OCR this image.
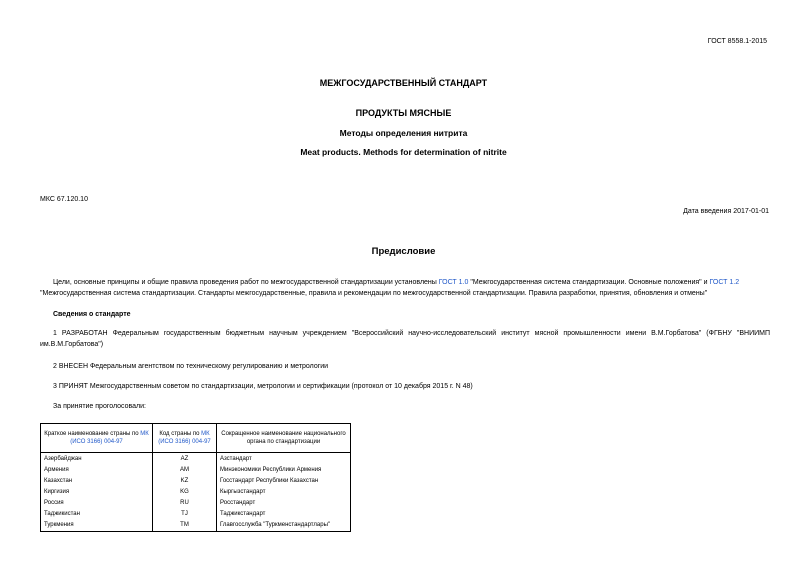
ГОСТ 8558.1-2015
МЕЖГОСУДАРСТВЕННЫЙ СТАНДАРТ
ПРОДУКТЫ МЯСНЫЕ
Методы определения нитрита
Meat products. Methods for determination of nitrite
МКС 67.120.10
Дата введения 2017-01-01
Предисловие
Цели, основные принципы и общие правила проведения работ по межгосударственной стандартизации установлены ГОСТ 1.0 "Межгосударственная система стандартизации. Основные положения" и ГОСТ 1.2 "Межгосударственная система стандартизации. Стандарты межгосударственные, правила и рекомендации по межгосударственной стандартизации. Правила разработки, принятия, обновления и отмены"
Сведения о стандарте
1 РАЗРАБОТАН Федеральным государственным бюджетным научным учреждением "Всероссийский научно-исследовательский институт мясной промышленности имени В.М.Горбатова" (ФГБНУ "ВНИИМП им.В.М.Горбатова")
2 ВНЕСЕН Федеральным агентством по техническому регулированию и метрологии
3 ПРИНЯТ Межгосударственным советом по стандартизации, метрологии и сертификации (протокол от 10 декабря 2015 г. N 48)
За принятие проголосовали:
Краткое наименование страны по МК (ИСО 3166) 004-97	Код страны по МК (ИСО 3166) 004-97	Сокращенное наименование национального органа по стандартизации
Азербайджан	AZ	Азстандарт
Армения	AM	Минэкономики Республики Армения
Казахстан	KZ	Госстандарт Республики Казахстан
Киргизия	KG	Кыргызстандарт
Россия	RU	Росстандарт
Таджикистан	TJ	Таджикстандарт
Туркмения	TM	Главгосслужба "Туркменстандартлары"
